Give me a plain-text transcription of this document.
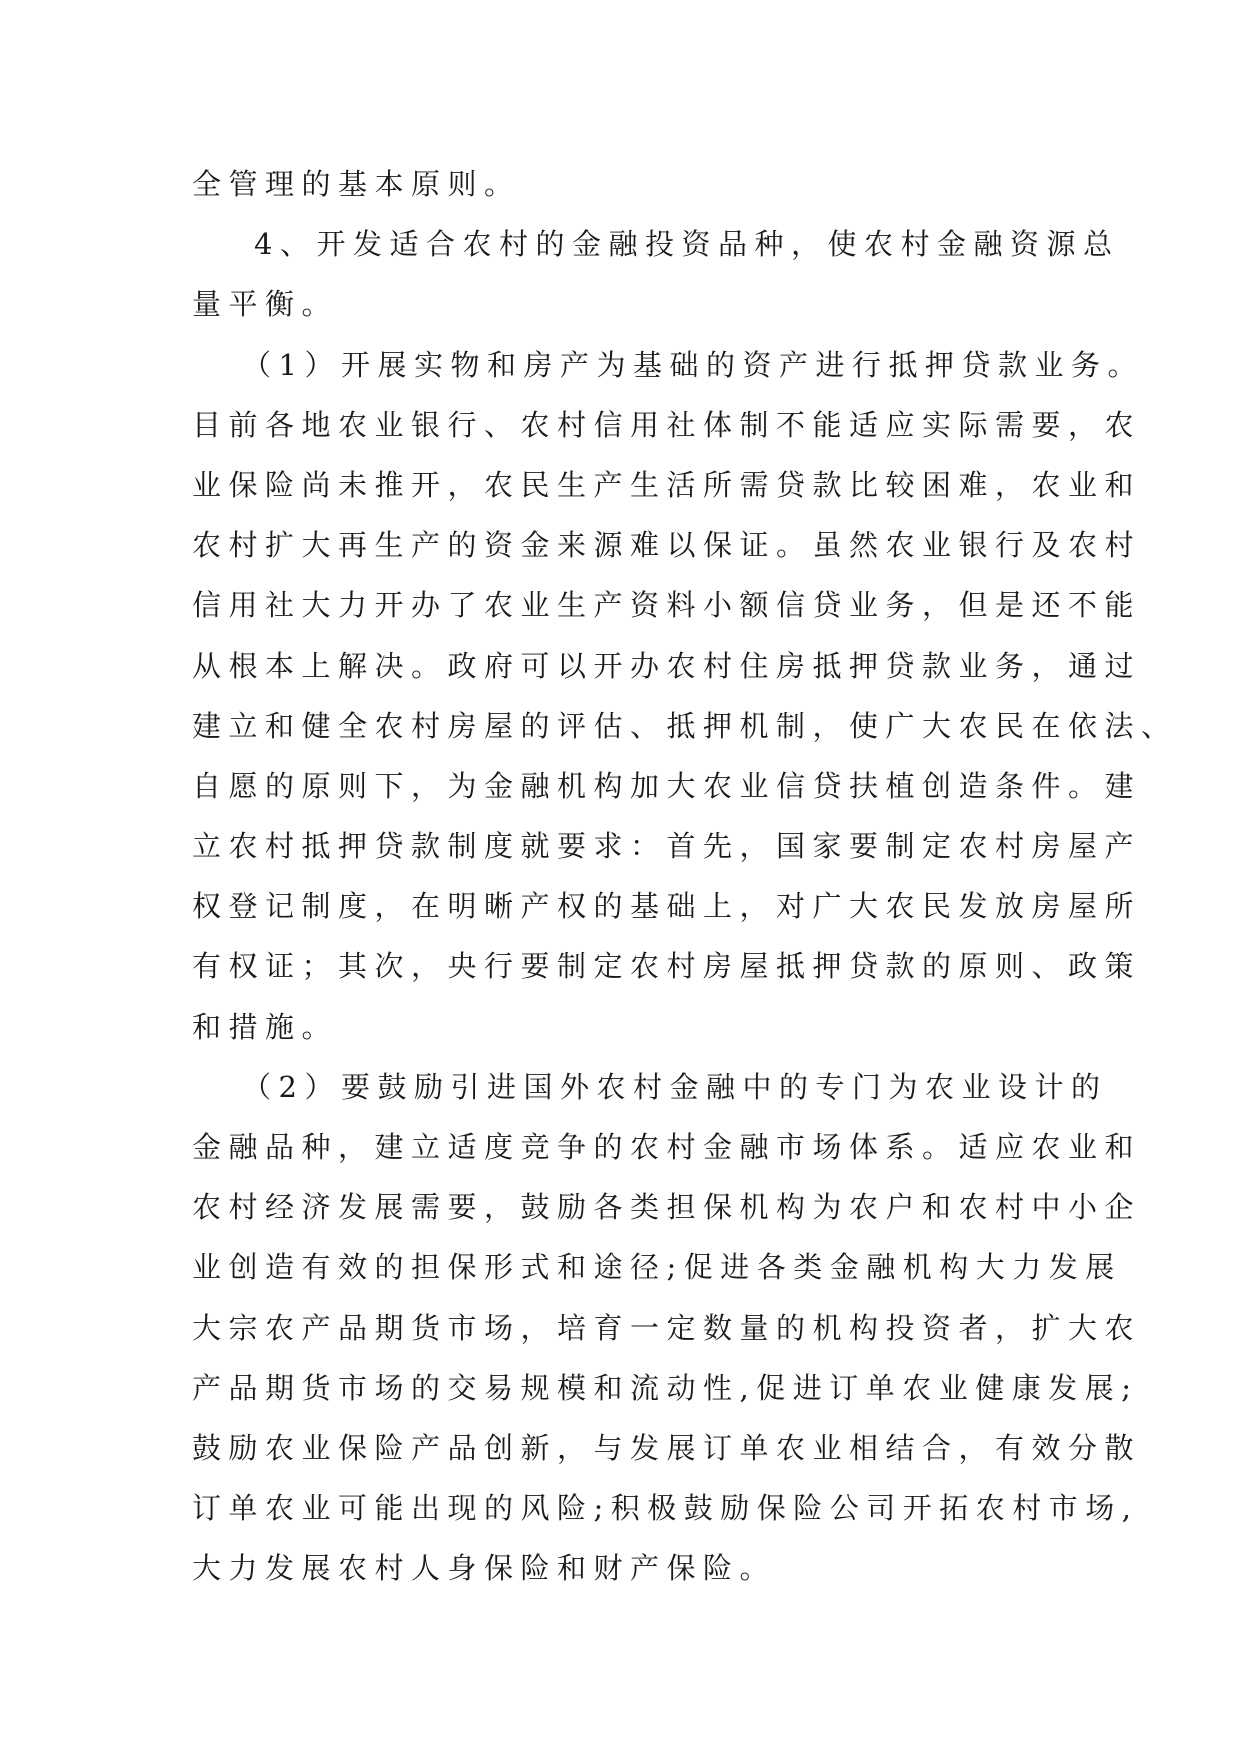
全管理的基本原则。
4、开发适合农村的金融投资品种，使农村金融资源总
量平衡。
（1）开展实物和房产为基础的资产进行抵押贷款业务。
目前各地农业银行、农村信用社体制不能适应实际需要，农
业保险尚未推开，农民生产生活所需贷款比较困难，农业和
农村扩大再生产的资金来源难以保证。虽然农业银行及农村
信用社大力开办了农业生产资料小额信贷业务，但是还不能
从根本上解决。政府可以开办农村住房抵押贷款业务，通过
建立和健全农村房屋的评估、抵押机制，使广大农民在依法、
自愿的原则下，为金融机构加大农业信贷扶植创造条件。建
立农村抵押贷款制度就要求：首先，国家要制定农村房屋产
权登记制度，在明晰产权的基础上，对广大农民发放房屋所
有权证；其次，央行要制定农村房屋抵押贷款的原则、政策
和措施。
（2）要鼓励引进国外农村金融中的专门为农业设计的
金融品种，建立适度竞争的农村金融市场体系。适应农业和
农村经济发展需要，鼓励各类担保机构为农户和农村中小企
业创造有效的担保形式和途径;促进各类金融机构大力发展
大宗农产品期货市场，培育一定数量的机构投资者，扩大农
产品期货市场的交易规模和流动性,促进订单农业健康发展;
鼓励农业保险产品创新，与发展订单农业相结合，有效分散
订单农业可能出现的风险;积极鼓励保险公司开拓农村市场,
大力发展农村人身保险和财产保险。
